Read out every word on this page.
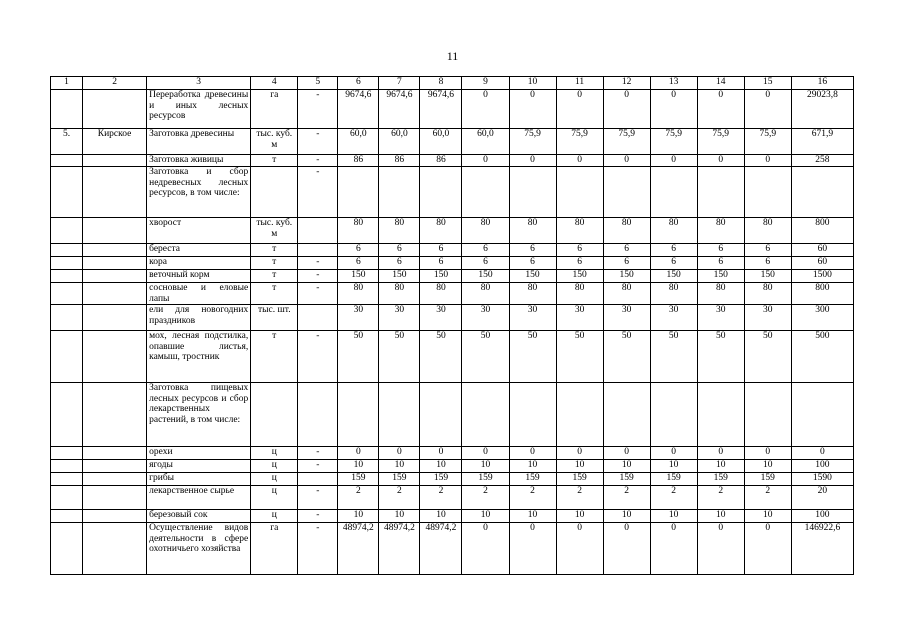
11
1	2	3	4	5	6	7	8	9	10	11	12	13	14	15	16
		Переработка древесины и иных лесных ресурсов	га	-	9674,6	9674,6	9674,6	0	0	0	0	0	0	0	29023,8
5.	Кирское	Заготовка древесины	тыс. куб. м	-	60,0	60,0	60,0	60,0	75,9	75,9	75,9	75,9	75,9	75,9	671,9
		Заготовка живицы	т	-	86	86	86	0	0	0	0	0	0	0	258
		Заготовка и сбор недревесных лесных ресурсов, в том числе:		-											
		хворост	тыс. куб. м		80	80	80	80	80	80	80	80	80	80	800
		береста	т		6	6	6	6	6	6	6	6	6	6	60
		кора	т	-	6	6	6	6	6	6	6	6	6	6	60
		веточный корм	т	-	150	150	150	150	150	150	150	150	150	150	1500
		сосновые и еловые лапы	т	-	80	80	80	80	80	80	80	80	80	80	800
		ели для новогодних праздников	тыс. шт.		30	30	30	30	30	30	30	30	30	30	300
		мох, лесная подстилка, опавшие листья, камыш, тростник	т	-	50	50	50	50	50	50	50	50	50	50	500
		Заготовка пищевых лесных ресурсов и сбор лекарственных растений, в том числе:													
		орехи	ц	-	0	0	0	0	0	0	0	0	0	0	0
		ягоды	ц	-	10	10	10	10	10	10	10	10	10	10	100
		грибы	ц		159	159	159	159	159	159	159	159	159	159	1590
		лекарственное сырье	ц	-	2	2	2	2	2	2	2	2	2	2	20
		березовый сок	ц	-	10	10	10	10	10	10	10	10	10	10	100
		Осуществление видов деятельности в сфере охотничьего хозяйства	га	-	48974,2	48974,2	48974,2	0	0	0	0	0	0	0	146922,6
